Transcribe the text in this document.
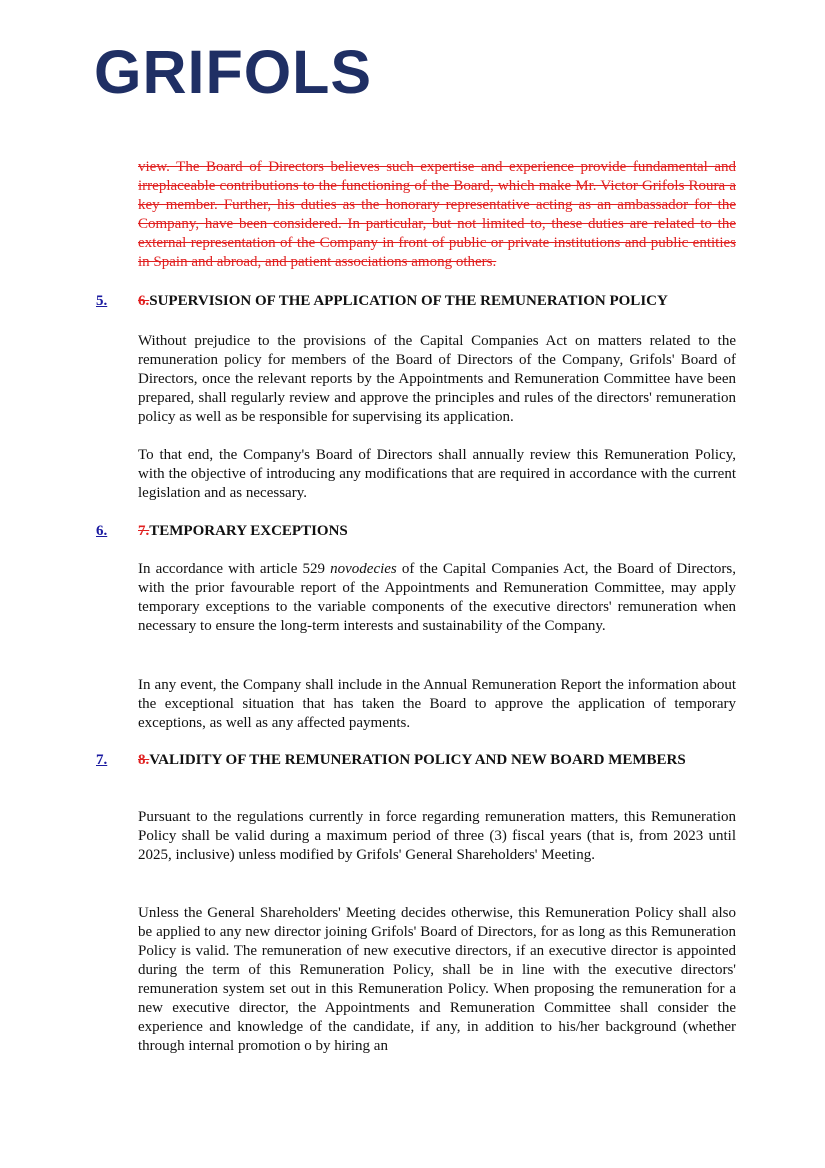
GRIFOLS
view. The Board of Directors believes such expertise and experience provide fundamental and irreplaceable contributions to the functioning of the Board, which make Mr. Victor Grifols Roura a key member. Further, his duties as the honorary representative acting as an ambassador for the Company, have been considered. In particular, but not limited to, these duties are related to the external representation of the Company in front of public or private institutions and public entities in Spain and abroad, and patient associations among others.
5. 6.SUPERVISION OF THE APPLICATION OF THE REMUNERATION POLICY
Without prejudice to the provisions of the Capital Companies Act on matters related to the remuneration policy for members of the Board of Directors of the Company, Grifols' Board of Directors, once the relevant reports by the Appointments and Remuneration Committee have been prepared, shall regularly review and approve the principles and rules of the directors' remuneration policy as well as be responsible for supervising its application.
To that end, the Company's Board of Directors shall annually review this Remuneration Policy, with the objective of introducing any modifications that are required in accordance with the current legislation and as necessary.
6. 7.TEMPORARY EXCEPTIONS
In accordance with article 529 novodecies of the Capital Companies Act, the Board of Directors, with the prior favourable report of the Appointments and Remuneration Committee, may apply temporary exceptions to the variable components of the executive directors' remuneration when necessary to ensure the long-term interests and sustainability of the Company.
In any event, the Company shall include in the Annual Remuneration Report the information about the exceptional situation that has taken the Board to approve the application of temporary exceptions, as well as any affected payments.
7. 8.VALIDITY OF THE REMUNERATION POLICY AND NEW BOARD MEMBERS
Pursuant to the regulations currently in force regarding remuneration matters, this Remuneration Policy shall be valid during a maximum period of three (3) fiscal years (that is, from 2023 until 2025, inclusive) unless modified by Grifols' General Shareholders' Meeting.
Unless the General Shareholders' Meeting decides otherwise, this Remuneration Policy shall also be applied to any new director joining Grifols' Board of Directors, for as long as this Remuneration Policy is valid. The remuneration of new executive directors, if an executive director is appointed during the term of this Remuneration Policy, shall be in line with the executive directors' remuneration system set out in this Remuneration Policy. When proposing the remuneration for a new executive director, the Appointments and Remuneration Committee shall consider the experience and knowledge of the candidate, if any, in addition to his/her background (whether through internal promotion o by hiring an
